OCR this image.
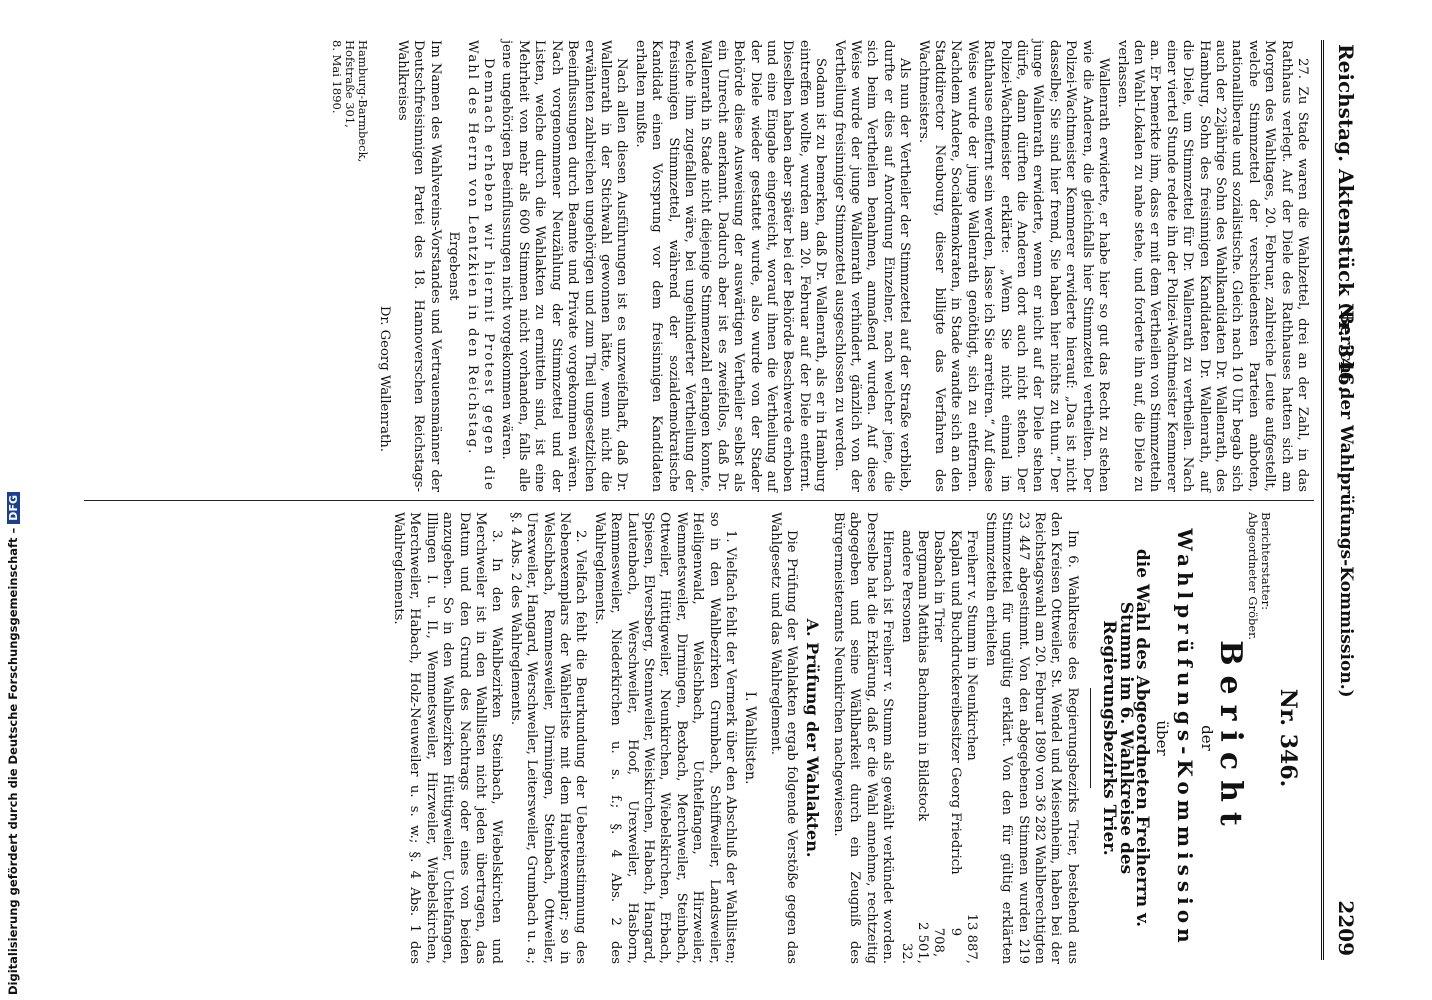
Reichstag. Aktenstück Nr. 346.
(Bericht der Wahlprüfungs-Kommission.)
2209

27. Zu Stade waren die Wahlzettel, drei an der Zahl, in das Rathhaus verlegt. Auf der Diele des Rathhauses hatten sich am Morgen des Wahltages, 20. Februar, zahlreiche Leute aufgestellt, welche Stimmzettel der verschiedensten Parteien anboten, nationalliberale und sozialistische. Gleich nach 10 Uhr begab sich auch der 22jährige Sohn des Wahlkandidaten Dr. Wallenrath, des Hamburg, Sohn des freisinnigen Kandidaten Dr. Wallenrath, auf die Diele, um Stimmzettel für Dr. Wallenrath zu vertheilen. Nach einer viertel Stunde redete ihn der Polizei-Wachtmeister Kemmerer an. Er bemerkte ihm, dass er mit dem Vertheilen von Stimmzetteln den Wahl-Lokalen zu nahe stehe, und forderte ihn auf, die Diele zu verlassen.

Wallenrath erwiderte, er habe hier so gut das Recht zu stehen wie die Anderen, die gleichfalls hier Stimmzettel vertheilten. Der Polizei-Wachtmeister Kemmerer erwiderte hierauf: „Das ist nicht dasselbe; Sie sind hier fremd, Sie haben hier nichts zu thun.“ Der junge Wallenrath erwiderte, wenn er nicht auf der Diele stehen dürfe, dann dürften die Anderen dort auch nicht stehen. Der Polizei-Wachtmeister erklärte: „Wenn Sie nicht einmal im Rathhause entfernt sein werden, lasse ich Sie arretiren.“ Auf diese Weise wurde der junge Wallenrath genöthigt, sich zu entfernen. Nachdem Andere, Socialdemokraten, in Stade wandte sich an den Stadtdirector Neubourg, dieser billigte das Verfahren des Wachtmeisters.

Als nun der Vertheiler der Stimmzettel auf der Straße verblieb, durfte er dies auf Anordnung Einzelner, nach welcher jene, die sich beim Vertheilen benahmen, anmaßend wurden. Auf diese Weise wurde der junge Wallenrath verhindert, gänzlich von der Vertheilung freisinniger Stimmzettel ausgeschlossen zu werden.

Sodann ist zu bemerken, daß Dr. Wallenrath, als er in Hamburg eintreffen wollte, wurden am 20. Februar auf der Diele entfernt. Dieselben haben aber später bei der Behörde Beschwerde erhoben und eine Eingabe eingereicht, worauf ihnen die Vertheilung auf der Diele wieder gestattet wurde, also wurde von der Stader Behörde diese Ausweisung der auswärtigen Vertheiler selbst als ein Unrecht anerkannt. Dadurch aber ist es zweifellos, daß Dr. Wallenrath in Stade nicht diejenige Stimmenzahl erlangen konnte, welche ihm zugefallen wäre, bei ungehinderter Vertheilung der freisinnigen Stimmzettel, während der sozialdemokratische Kandidat einen Vorsprung vor dem freisinnigen Kandidaten erhalten mußte.

Nach allen diesen Ausführungen ist es unzweifelhaft, daß Dr. Wallenrath in der Stichwahl gewonnen hätte, wenn nicht die erwähnten zahlreichen ungehörigen und zum Theil ungesetzlichen Beeinflussungen durch Beamte und Private vorgekommen wären. Nach vorgenommener Neuzählung der Stimmzettel und der Listen, welche durch die Wahlakten zu ermitteln sind, ist eine Mehrheit von mehr als 600 Stimmen nicht vorhanden, falls alle jene ungehörigen Beeinflussungen nicht vorgekommen wären.

Demnach erheben wir hiermit Protest gegen die Wahl des Herrn von Lentzkien in den Reichstag.

Ergebenst

Im Namen des Wahlvereins-Vorstandes und Vertrauensmänner der Deutschfreisinnigen Partei des 18. Hannoverschen Reichstags-Wahlkreises

Dr. Georg Wallenrath.

Hamburg-Barmbeck,
Hofstraße 301,
8. Mai 1890.
Nr. 346.
Berichterstatter:
Abgeordneter Gröber.
Bericht
der
Wahlprüfungs-Kommission
über
die Wahl des Abgeordneten Freiherrn v. Stumm im 6. Wahlkreise des Regierungsbezirks Trier.

Im 6. Wahlkreise des Regierungsbezirks Trier, bestehend aus den Kreisen Ottweiler, St. Wendel und Meisenheim, haben bei der Reichstagswahl am 20. Februar 1890 von 36 282 Wahlberechtigten 23 447 abgestimmt. Von den abgegebenen Stimmen wurden 219 Stimmzettel für ungültig erklärt. Von den für gültig erklärten Stimmzetteln erhielten

Freiherr v. Stumm in Neunkirchen
13 887,
Kaplan und Buchdruckereibesitzer Georg Friedrich Dasbach in Trier
9 708,
Bergmann Matthias Bachmann in Bildstock
2 501,
andere Personen
32.

Hiernach ist Freiherr v. Stumm als gewählt verkündet worden. Derselbe hat die Erklärung, daß er die Wahl annehme, rechtzeitig abgegeben und seine Wählbarkeit durch ein Zeugniß des Bürgermeisteramts Neunkirchen nachgewiesen.

A. Prüfung der Wahlakten.

Die Prüfung der Wahlakten ergab folgende Verstöße gegen das Wahlgesetz und das Wahlreglement.

I. Wahllisten.

1. Vielfach fehlt der Vermerk über den Abschluß der Wahllisten; so in den Wahlbezirken Grumbach, Schiffweiler, Landsweiler, Heiligenwald, Welschbach, Uchtelfangen, Hirzweiler, Wemmetsweiler, Dirmingen, Bexbach, Merchweiler, Steinbach, Ottweiler, Hüttigweiler, Neunkirchen, Wiebelskirchen, Erbach, Spiesen, Elversberg, Stennweiler, Weiskirchen, Habach, Hangard, Lautenbach, Werschweiler, Hoof, Urexweiler, Hasborn, Remmesweiler, Niederkirchen u. s. f.; §. 4 Abs. 2 des Wahlreglements.

2. Vielfach fehlt die Beurkundung der Uebereinstimmung des Nebenexemplars der Wählerliste mit dem Hauptexemplar; so in Welschbach, Remmesweiler, Dirmingen, Steinbach, Ottweiler, Urexweiler, Hangard, Werschweiler, Leitersweiler, Grumbach u. a.; §. 4 Abs. 2 des Wahlreglements.

3. In den Wahlbezirken Steinbach, Wiebelskirchen und Merchweiler ist in den Wahllisten nicht jeden übertragen, das Datum und den Grund des Nachtrags oder eines von beiden anzugeben. So in den Wahlbezirken Hüttigweiler, Uchtelfangen, Illingen I. u. II., Wemmetsweiler, Hirzweiler, Wiebelskirchen, Merchweiler, Habach, Holz-Neuweiler u. s. w.; §. 4 Abs. 1 des Wahlreglements.

Digitalisierung gefördert durch die Deutsche Forschungsgemeinschaft –DFG
